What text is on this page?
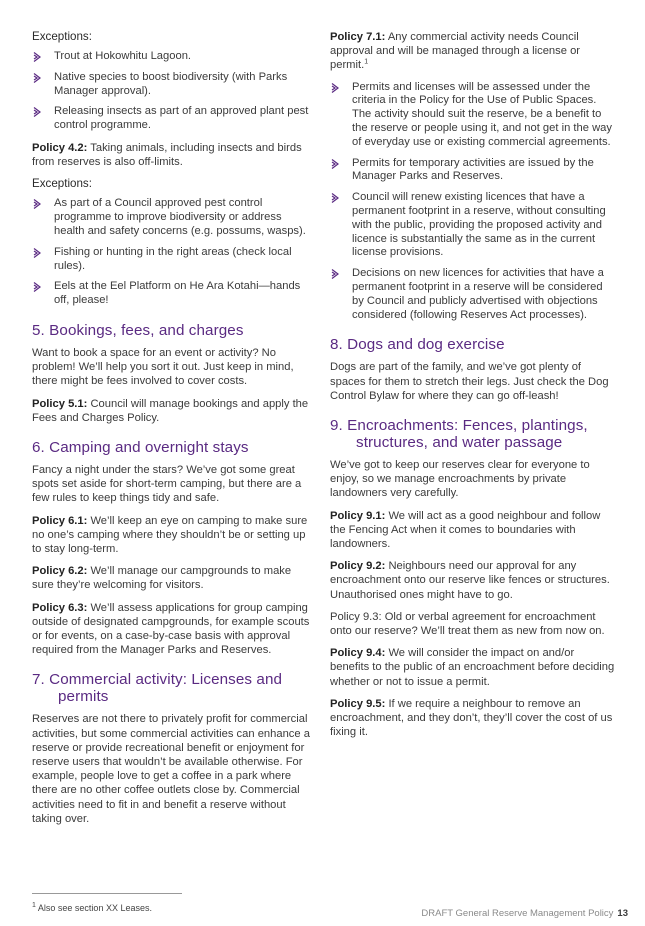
Exceptions:

Trout at Hokowhitu Lagoon.
Native species to boost biodiversity (with Parks Manager approval).
Releasing insects as part of an approved plant pest control programme.

Policy 4.2: Taking animals, including insects and birds from reserves is also off-limits.

Exceptions:

As part of a Council approved pest control programme to improve biodiversity or address health and safety concerns (e.g. possums, wasps).
Fishing or hunting in the right areas (check local rules).
Eels at the Eel Platform on He Ara Kotahi—hands off, please!
5. Bookings, fees, and charges

Want to book a space for an event or activity? No problem! We’ll help you sort it out. Just keep in mind, there might be fees involved to cover costs.

Policy 5.1: Council will manage bookings and apply the Fees and Charges Policy.

6. Camping and overnight stays

Fancy a night under the stars? We’ve got some great spots set aside for short-term camping, but there are a few rules to keep things tidy and safe.

Policy 6.1: We’ll keep an eye on camping to make sure no one’s camping where they shouldn’t be or setting up to stay long-term.

Policy 6.2: We’ll manage our campgrounds to make sure they’re welcoming for visitors.

Policy 6.3: We’ll assess applications for group camping outside of designated campgrounds, for example scouts or for events, on a case-by-case basis with approval required from the Manager Parks and Reserves.

7. Commercial activity: Licenses and
permits

Reserves are not there to privately profit for commercial activities, but some commercial activities can enhance a reserve or provide recreational benefit or enjoyment for reserve users that wouldn’t be available otherwise. For example, people love to get a coffee in a park where there are no other coffee outlets close by. Commercial activities need to fit in and benefit a reserve without taking over.

Policy 7.1: Any commercial activity needs Council approval and will be managed through a license or permit.$^1$

Permits and licenses will be assessed under the criteria in the Policy for the Use of Public Spaces. The activity should suit the reserve, be a benefit to the reserve or people using it, and not get in the way of everyday use or existing commercial agreements.
Permits for temporary activities are issued by the Manager Parks and Reserves.
Council will renew existing licences that have a permanent footprint in a reserve, without consulting with the public, providing the proposed activity and licence is substantially the same as in the current license provisions.
Decisions on new licences for activities that have a permanent footprint in a reserve will be considered by Council and publicly advertised with objections considered (following Reserves Act processes).
8. Dogs and dog exercise

Dogs are part of the family, and we’ve got plenty of spaces for them to stretch their legs. Just check the Dog Control Bylaw for where they can go off-leash!

9. Encroachments: Fences, plantings,
structures, and water passage

We’ve got to keep our reserves clear for everyone to enjoy, so we manage encroachments by private landowners very carefully.

Policy 9.1: We will act as a good neighbour and follow the Fencing Act when it comes to boundaries with landowners.

Policy 9.2: Neighbours need our approval for any encroachment onto our reserve like fences or structures. Unauthorised ones might have to go.

Policy 9.3: Old or verbal agreement for encroachment onto our reserve? We’ll treat them as new from now on.

Policy 9.4: We will consider the impact on and/or benefits to the public of an encroachment before deciding whether or not to issue a permit.

Policy 9.5: If we require a neighbour to remove an encroachment, and they don’t, they’ll cover the cost of us fixing it.

$^1$ Also see section XX Leases.	DRAFT General Reserve Management Policy 13
